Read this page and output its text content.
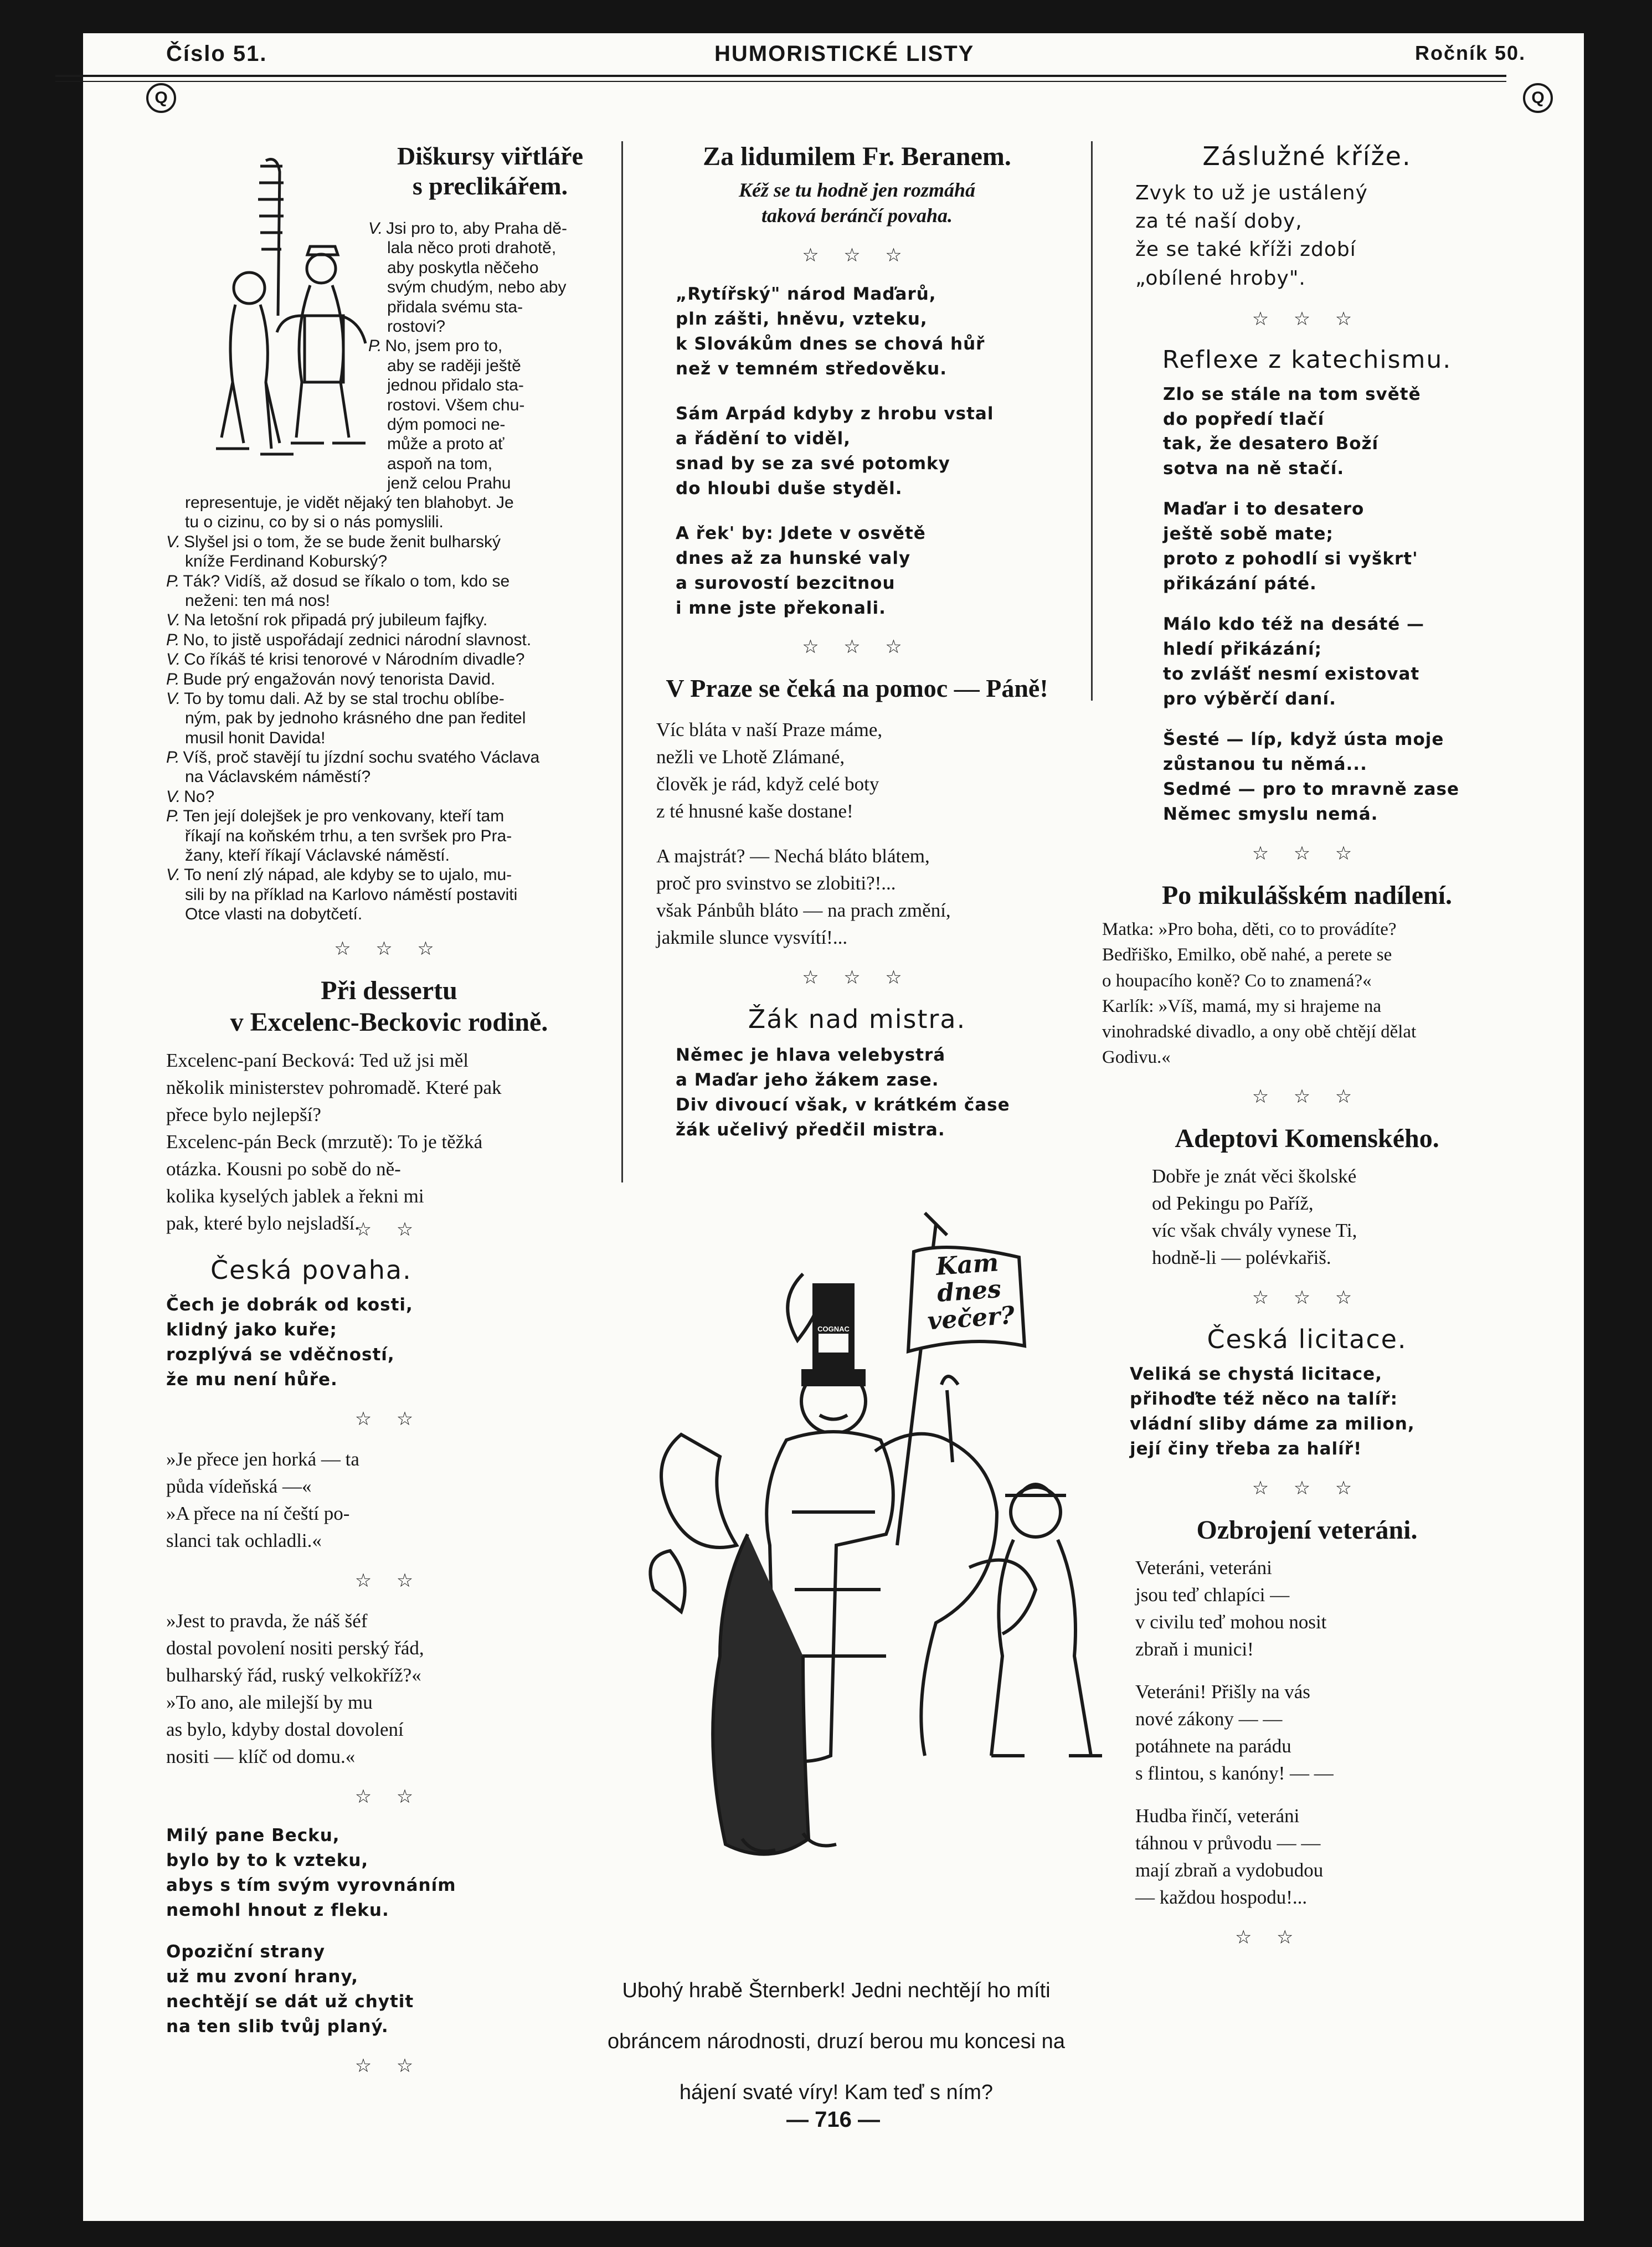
Číslo 51.	HUMORISTICKÉ LISTY	Ročník 50.
Q	Q
Diškursy viřtláře
s preclikářem.

V. Jsi pro to, aby Praha dě-

lala něco proti drahotě,

aby poskytla něčeho

svým chudým, nebo aby

přidala svému sta-

rostovi?

P. No, jsem pro to,

aby se raději ještě

jednou přidalo sta-

rostovi. Všem chu-

dým pomoci ne-

může a proto ať

aspoň na tom,

jenž celou Prahu

representuje, je vidět nějaký ten blahobyt. Je

tu o cizinu, co by si o nás pomyslili.

V. Slyšel jsi o tom, že se bude ženit bulharský

kníže Ferdinand Koburský?

P. Ták? Vidíš, až dosud se říkalo o tom, kdo se

neženi: ten má nos!

V. Na letošní rok připadá prý jubileum fajfky.

P. No, to jistě uspořádají zednici národní slavnost.

V. Co říkáš té krisi tenorové v Národním divadle?

P. Bude prý engažován nový tenorista David.

V. To by tomu dali. Až by se stal trochu oblíbe-

ným, pak by jednoho krásného dne pan ředitel

musil honit Davida!

P. Víš, proč stavějí tu jízdní sochu svatého Václava

na Václavském náměstí?

V. No?

P. Ten její dolejšek je pro venkovany, kteří tam

říkají na koňském trhu, a ten svršek pro Pra-

žany, kteří říkají Václavské náměstí.

V. To není zlý nápad, ale kdyby se to ujalo, mu-

sili by na příklad na Karlovo náměstí postaviti

Otce vlasti na dobytčetí.

☆ ☆ ☆
Při dessertu
v Excelenc-Beckovic rodině.

Excelenc-paní Becková: Ted už jsi měl

několik ministerstev pohromadě. Které pak

přece bylo nejlepší?

Excelenc-pán Beck (mrzutě): To je těžká

otázka. Kousni po sobě do ně-

kolika kyselých jablek a řekni mi

pak, které bylo nejsladší.

☆ ☆
Česká povaha.

Čech je dobrák od kosti,

klidný jako kuře;

rozplývá se vděčností,

že mu není hůře.

☆ ☆

»Je přece jen horká — ta

půda vídeňská —«

»A přece na ní čeští po-

slanci tak ochladli.«

☆ ☆

»Jest to pravda, že náš šéf

dostal povolení nositi perský řád,

bulharský řád, ruský velkokříž?«

»To ano, ale milejší by mu

as bylo, kdyby dostal dovolení

nositi — klíč od domu.«

☆ ☆

Milý pane Becku,

bylo by to k vzteku,

abys s tím svým vyrovnáním

nemohl hnout z fleku.

Opoziční strany

už mu zvoní hrany,

nechtějí se dát už chytit

na ten slib tvůj planý.

☆ ☆
Za lidumilem Fr. Beranem.
Kéž se tu hodně jen rozmáhá
taková beránčí povaha.
☆ ☆ ☆

„Rytířský" národ Maďarů,

pln zášti, hněvu, vzteku,

k Slovákům dnes se chová hůř

než v temném středověku.

Sám Arpád kdyby z hrobu vstal

a řádění to viděl,

snad by se za své potomky

do hloubi duše styděl.

A řek' by: Jdete v osvětě

dnes až za hunské valy

a surovostí bezcitnou

i mne jste překonali.

☆ ☆ ☆
V Praze se čeká na pomoc — Páně!

Víc bláta v naší Praze máme,

nežli ve Lhotě Zlámané,

člověk je rád, když celé boty

z té hnusné kaše dostane!

A majstrát? — Nechá bláto blátem,

proč pro svinstvo se zlobiti?!...

však Pánbůh bláto — na prach změní,

jakmile slunce vysvítí!...

☆ ☆ ☆
Žák nad mistra.

Němec je hlava velebystrá

a Maďar jeho žákem zase.

Div divoucí však, v krátkém čase

žák učelivý předčil mistra.

Kam
dnes
večer?
COGNAC

Ubohý hrabě Šternberk! Jedni nechtějí ho míti

obráncem národnosti, druzí berou mu koncesi na

hájení svaté víry! Kam teď s ním?

Záslužné kříže.

Zvyk to už je ustálený

za té naší doby,

že se také kříži zdobí

„obílené hroby".

☆ ☆ ☆
Reflexe z katechismu.

Zlo se stále na tom světě

do popředí tlačí

tak, že desatero Boží

sotva na ně stačí.

Maďar i to desatero

ještě sobě mate;

proto z pohodlí si vyškrt'

přikázání páté.

Málo kdo též na desáté —

hledí přikázání;

to zvlášť nesmí existovat

pro výběrčí daní.

Šesté — líp, když ústa moje

zůstanou tu němá...

Sedmé — pro to mravně zase

Němec smyslu nemá.

☆ ☆ ☆
Po mikulášském nadílení.

Matka: »Pro boha, děti, co to provádíte?

Bedřiško, Emilko, obě nahé, a perete se

o houpacího koně? Co to znamená?«

Karlík: »Víš, mamá, my si hrajeme na

vinohradské divadlo, a ony obě chtějí dělat

Godivu.«

☆ ☆ ☆
Adeptovi Komenského.

Dobře je znát věci školské

od Pekingu po Paříž,

víc však chvály vynese Ti,

hodně-li — polévkařiš.

☆ ☆ ☆
Česká licitace.

Veliká se chystá licitace,

přihoďte též něco na talíř:

vládní sliby dáme za milion,

její činy třeba za halíř!

☆ ☆ ☆
Ozbrojení veteráni.

Veteráni, veteráni

jsou teď chlapíci —

v civilu teď mohou nosit

zbraň i munici!

Veteráni! Přišly na vás

nové zákony — —

potáhnete na parádu

s flintou, s kanóny! — —

Hudba řinčí, veteráni

táhnou v průvodu — —

mají zbraň a vydobudou

— každou hospodu!...

☆ ☆
— 716 —
